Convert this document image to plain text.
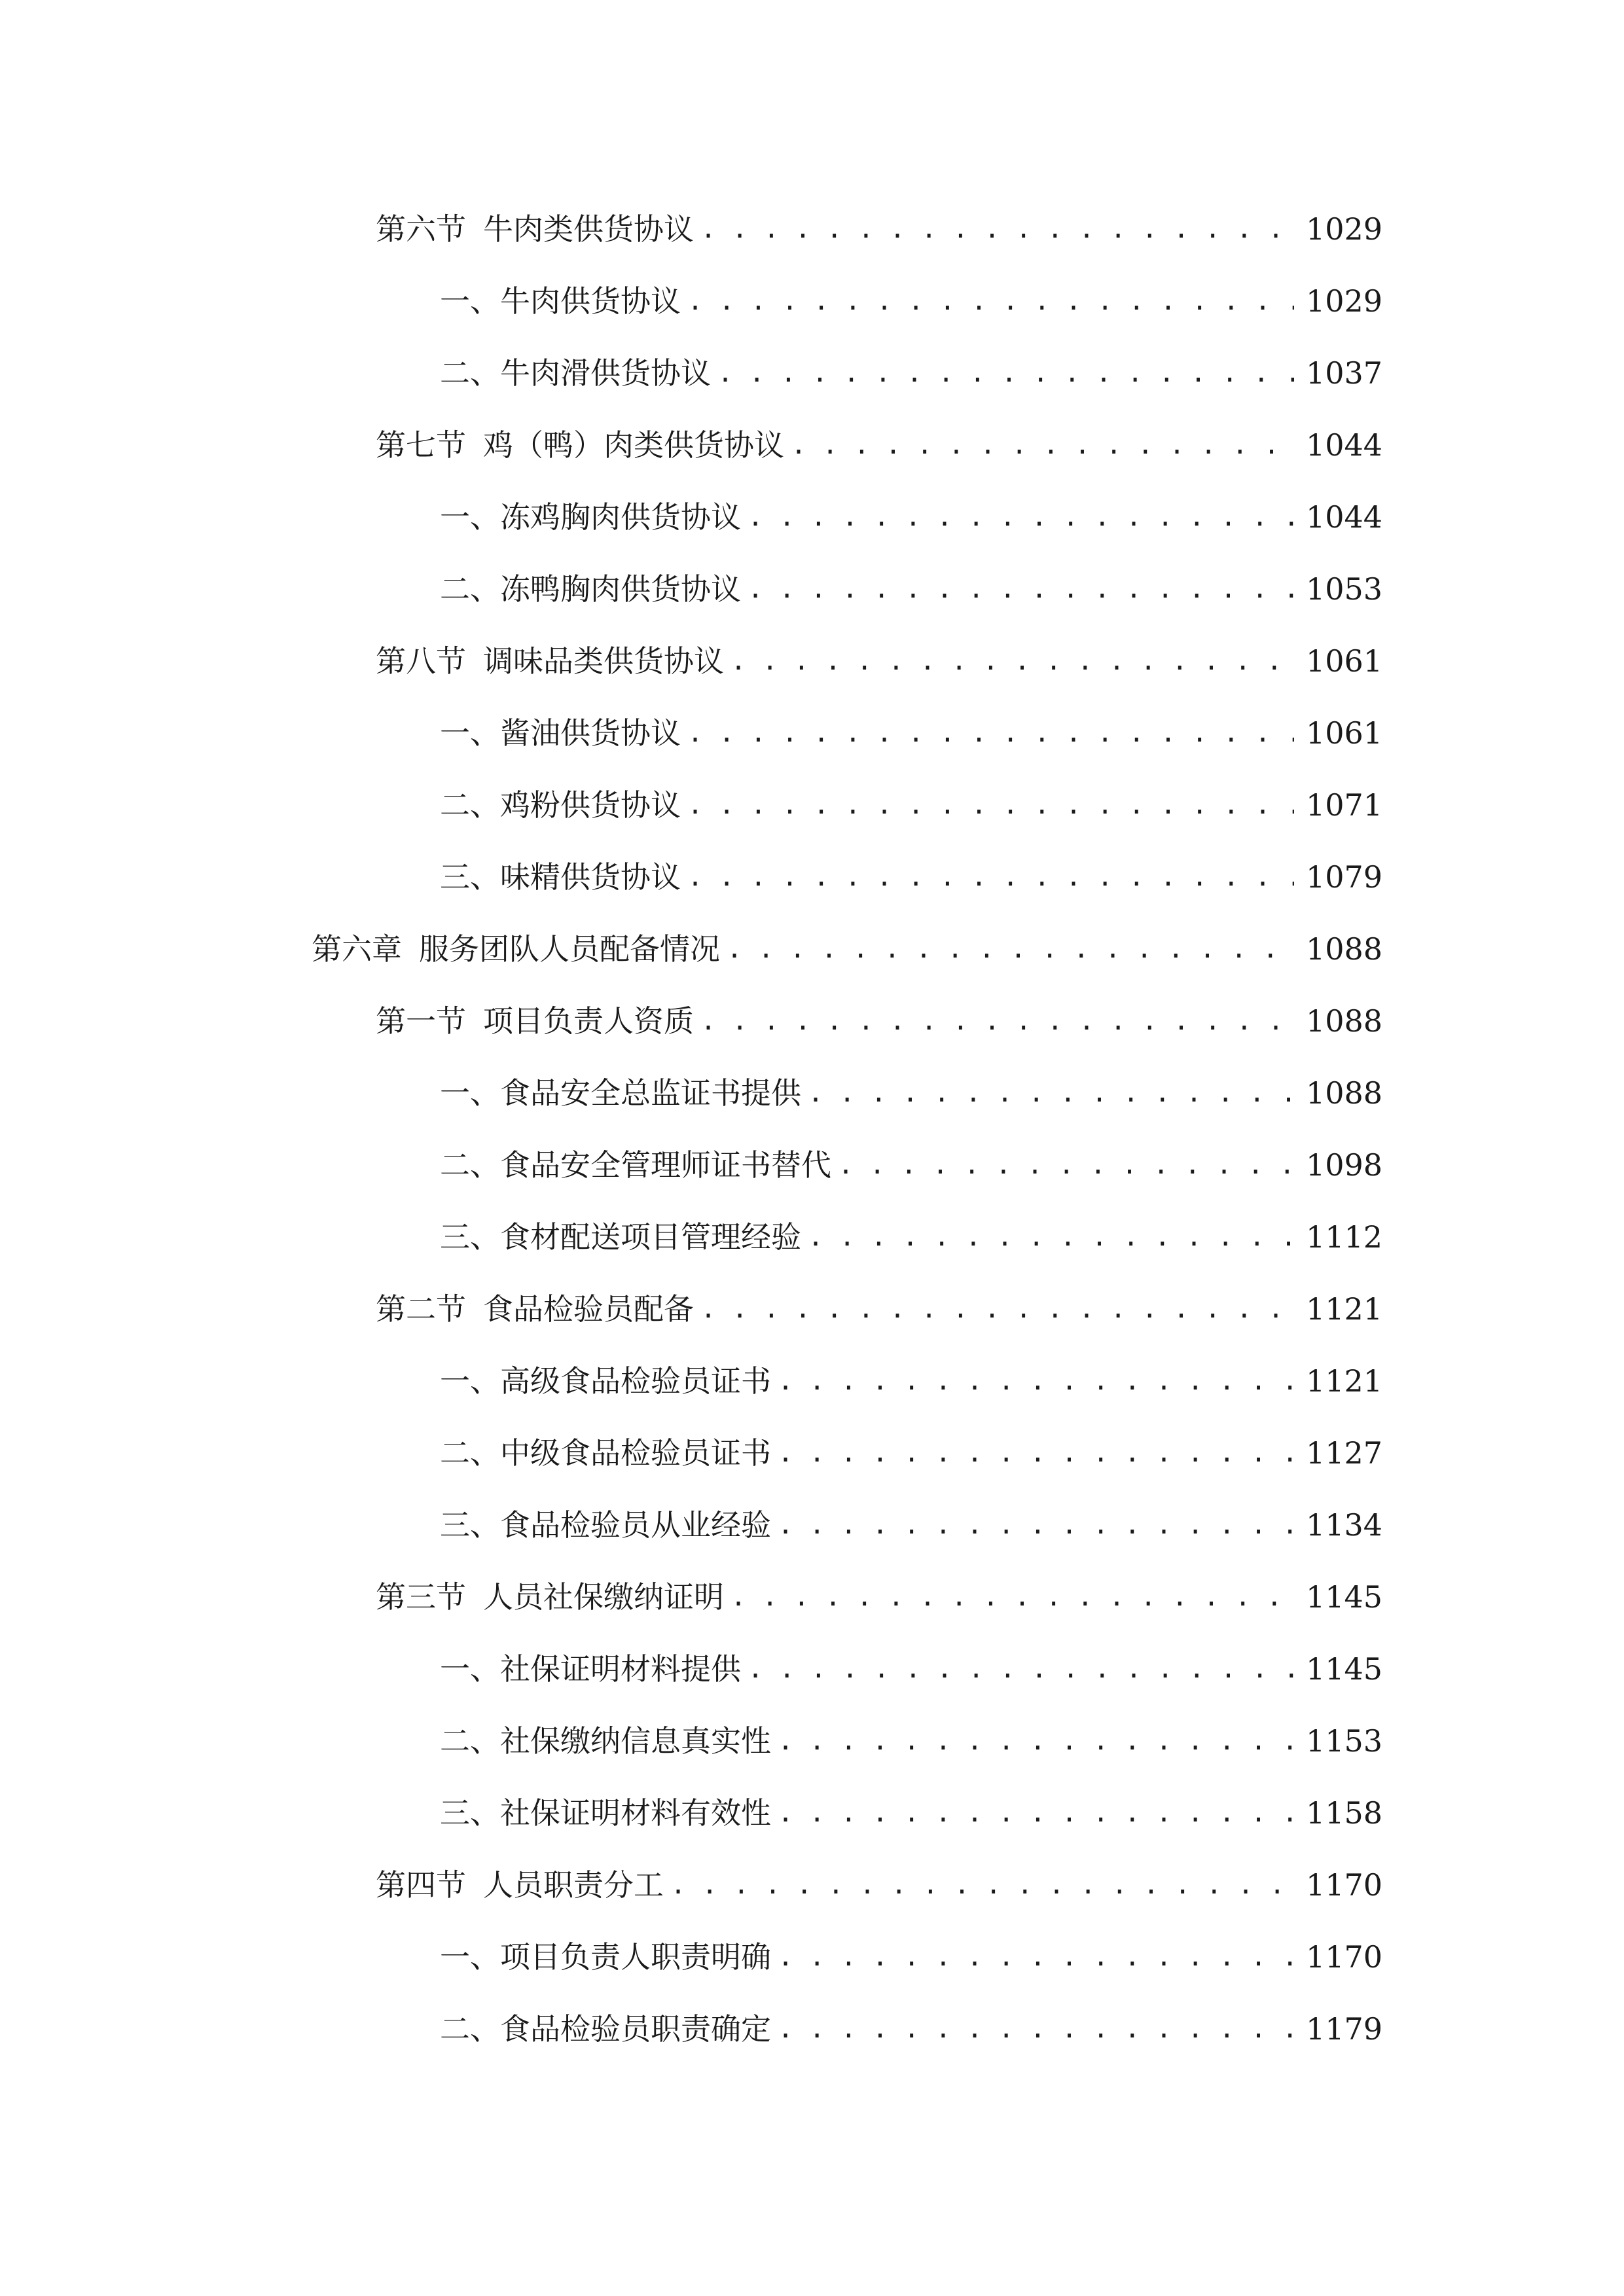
第六节 牛肉类供货协议 . . .	1029
一、 牛肉供货协议 . . .	1029
二、 牛肉滑供货协议 . . .	1037
第七节 鸡（鸭）肉类供货协议 . . .	1044
一、 冻鸡胸肉供货协议 . . .	1044
二、 冻鸭胸肉供货协议 . . .	1053
第八节 调味品类供货协议 . . .	1061
一、 酱油供货协议 . . .	1061
二、 鸡粉供货协议 . . .	1071
三、 味精供货协议 . . .	1079
第六章 服务团队人员配备情况 . . .	1088
第一节 项目负责人资质 . . .	1088
一、 食品安全总监证书提供 . . .	1088
二、 食品安全管理师证书替代 . . .	1098
三、 食材配送项目管理经验 . . .	1112
第二节 食品检验员配备 . . .	1121
一、 高级食品检验员证书 . . .	1121
二、 中级食品检验员证书 . . .	1127
三、 食品检验员从业经验 . . .	1134
第三节 人员社保缴纳证明 . . .	1145
一、 社保证明材料提供 . . .	1145
二、 社保缴纳信息真实性 . . .	1153
三、 社保证明材料有效性 . . .	1158
第四节 人员职责分工 . . .	1170
一、 项目负责人职责明确 . . .	1170
二、 食品检验员职责确定 . . .	1179
